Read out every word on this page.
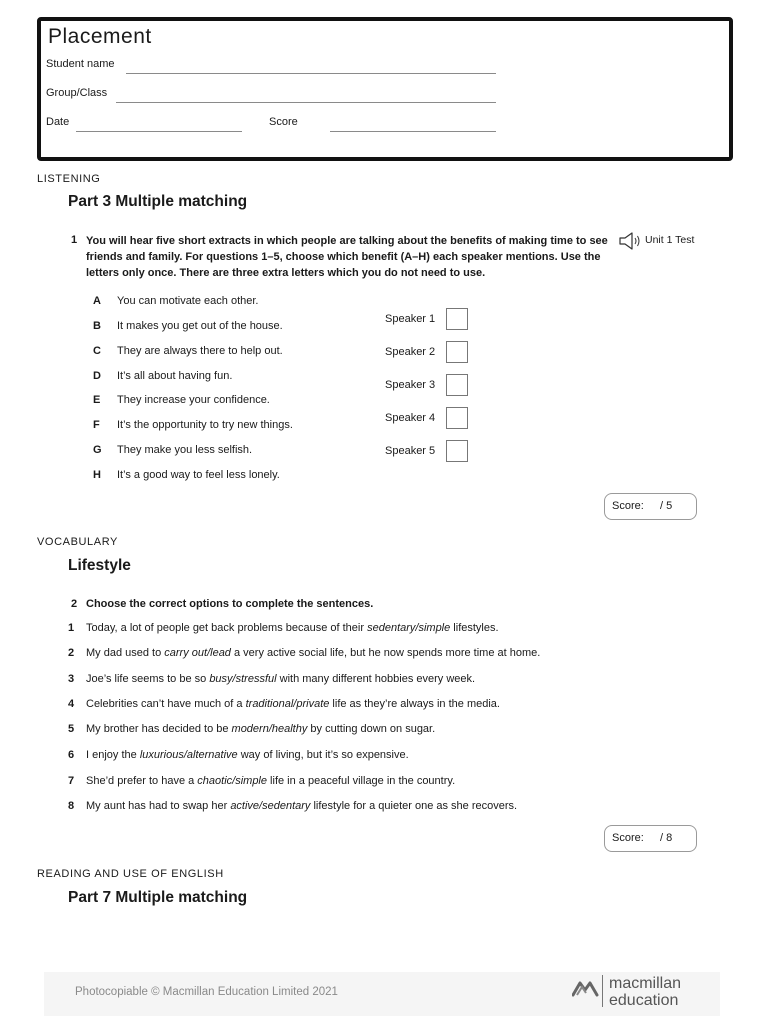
Placement
Student name
Group/Class
Date	Score
LISTENING
Part 3 Multiple matching
1 You will hear five short extracts in which people are talking about the benefits of making time to see friends and family. For questions 1–5, choose which benefit (A–H) each speaker mentions. Use the letters only once. There are three extra letters which you do not need to use.
Unit 1 Test
A You can motivate each other.
B It makes you get out of the house.
C They are always there to help out.
D It’s all about having fun.
E They increase your confidence.
F It’s the opportunity to try new things.
G They make you less selfish.
H It’s a good way to feel less lonely.
Speaker 1
Speaker 2
Speaker 3
Speaker 4
Speaker 5
Score: / 5
VOCABULARY
Lifestyle
2 Choose the correct options to complete the sentences.
1 Today, a lot of people get back problems because of their sedentary/simple lifestyles.
2 My dad used to carry out/lead a very active social life, but he now spends more time at home.
3 Joe’s life seems to be so busy/stressful with many different hobbies every week.
4 Celebrities can’t have much of a traditional/private life as they’re always in the media.
5 My brother has decided to be modern/healthy by cutting down on sugar.
6 I enjoy the luxurious/alternative way of living, but it’s so expensive.
7 She’d prefer to have a chaotic/simple life in a peaceful village in the country.
8 My aunt has had to swap her active/sedentary lifestyle for a quieter one as she recovers.
Score: / 8
READING AND USE OF ENGLISH
Part 7 Multiple matching
Photocopiable © Macmillan Education Limited 2021	macmillan
education
